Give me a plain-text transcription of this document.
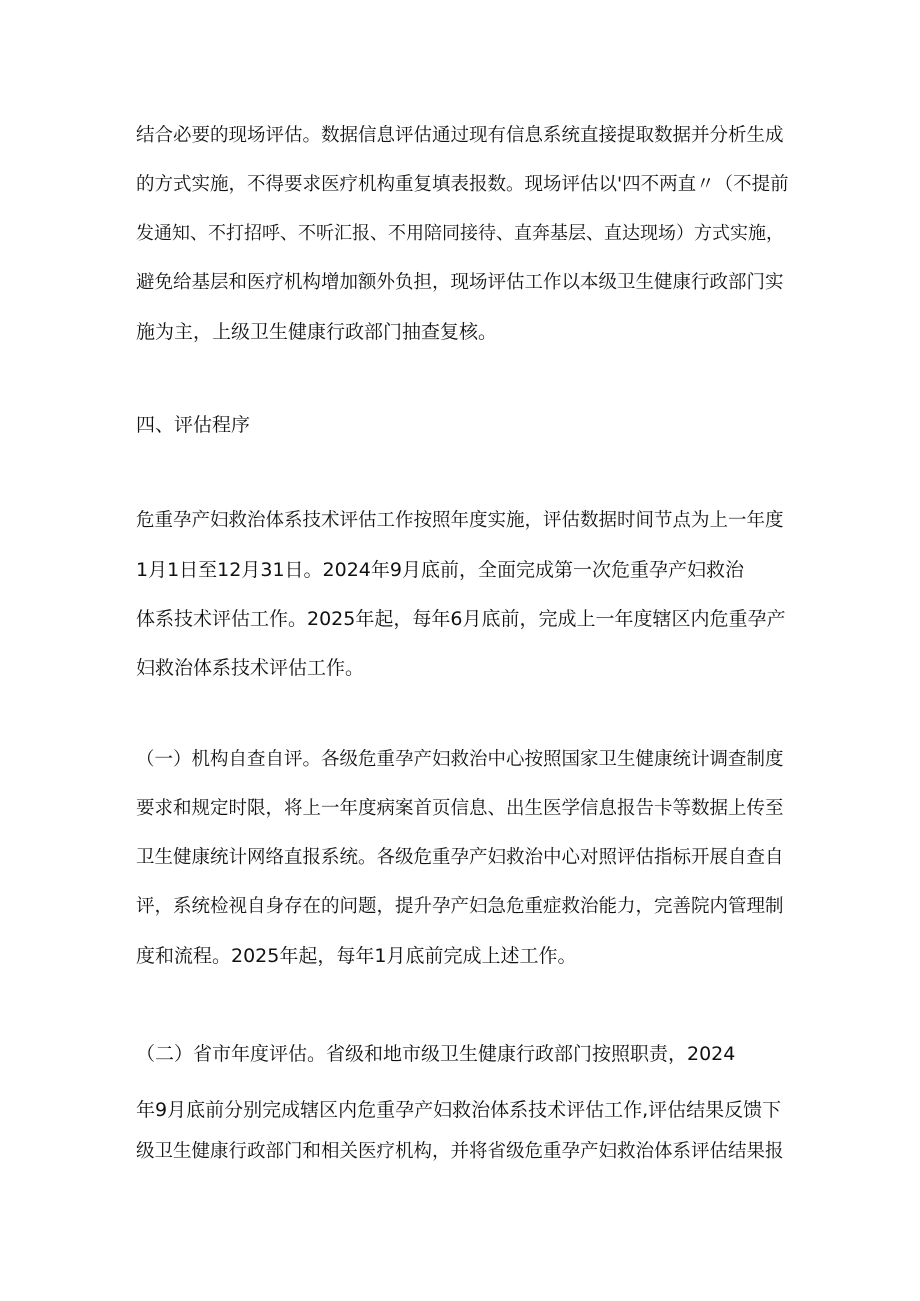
结合必要的现场评估。数据信息评估通过现有信息系统直接提取数据并分析生成
的方式实施，不得要求医疗机构重复填表报数。现场评估以'四不两直〃（不提前
发通知、不打招呼、不听汇报、不用陪同接待、直奔基层、直达现场）方式实施，
避免给基层和医疗机构增加额外负担，现场评估工作以本级卫生健康行政部门实
施为主，上级卫生健康行政部门抽查复核。
四、评估程序
危重孕产妇救治体系技术评估工作按照年度实施，评估数据时间节点为上一年度
1月1日至12月31日。2024年9月底前，全面完成第一次危重孕产妇救治
体系技术评估工作。2025年起，每年6月底前，完成上一年度辖区内危重孕产
妇救治体系技术评估工作。
（一）机构自查自评。各级危重孕产妇救治中心按照国家卫生健康统计调查制度
要求和规定时限，将上一年度病案首页信息、出生医学信息报告卡等数据上传至
卫生健康统计网络直报系统。各级危重孕产妇救治中心对照评估指标开展自查自
评，系统检视自身存在的问题，提升孕产妇急危重症救治能力，完善院内管理制
度和流程。2025年起，每年1月底前完成上述工作。
（二）省市年度评估。省级和地市级卫生健康行政部门按照职责，2024
年9月底前分别完成辖区内危重孕产妇救治体系技术评估工作,评估结果反馈下
级卫生健康行政部门和相关医疗机构，并将省级危重孕产妇救治体系评估结果报
